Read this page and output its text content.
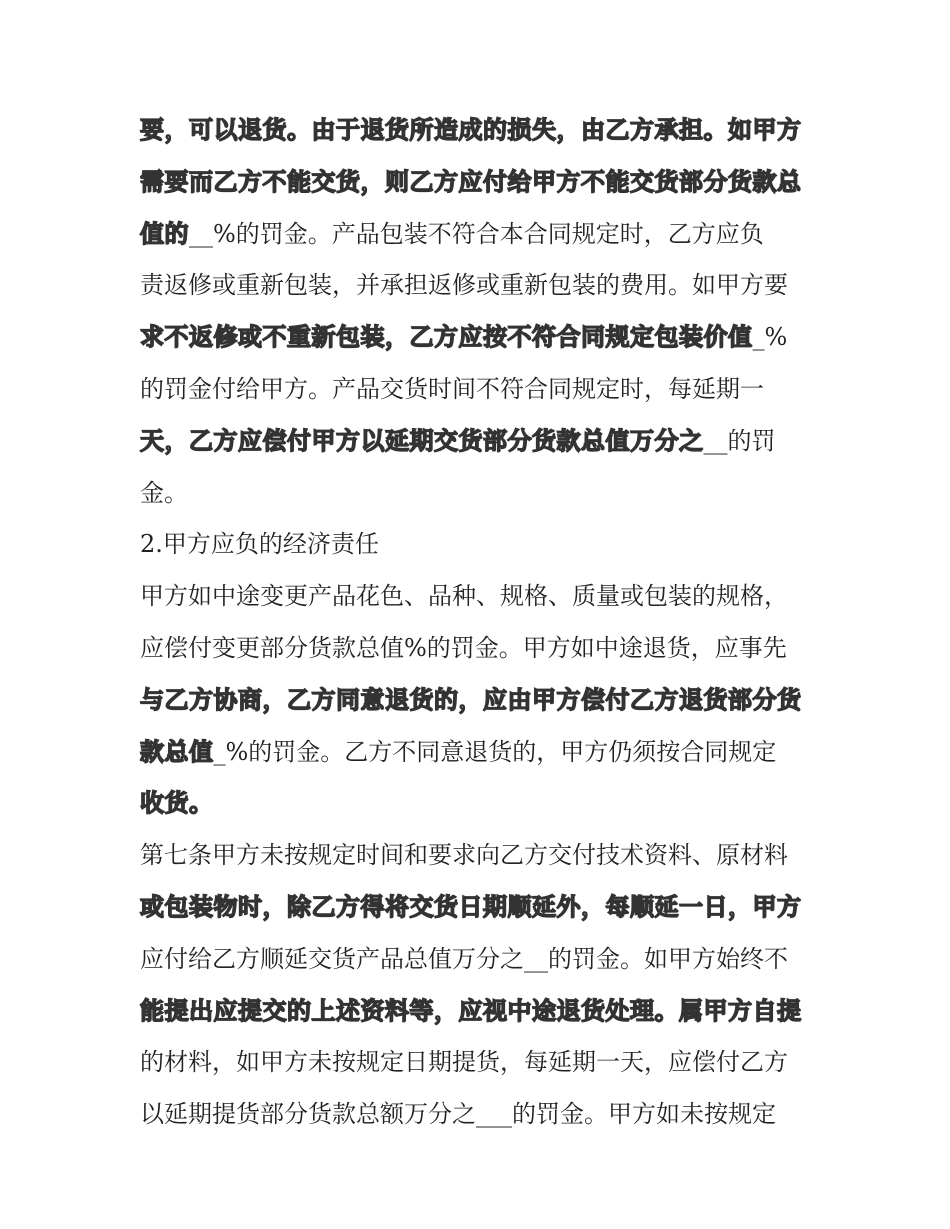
要，可以退货。由于退货所造成的损失，由乙方承担。如甲方
需要而乙方不能交货，则乙方应付给甲方不能交货部分货款总
值的__%的罚金。产品包装不符合本合同规定时，乙方应负
责返修或重新包装，并承担返修或重新包装的费用。如甲方要
求不返修或不重新包装，乙方应按不符合同规定包装价值_%
的罚金付给甲方。产品交货时间不符合同规定时，每延期一
天，乙方应偿付甲方以延期交货部分货款总值万分之__的罚
金。
2.甲方应负的经济责任
甲方如中途变更产品花色、品种、规格、质量或包装的规格，
应偿付变更部分货款总值%的罚金。甲方如中途退货，应事先
与乙方协商，乙方同意退货的，应由甲方偿付乙方退货部分货
款总值_%的罚金。乙方不同意退货的，甲方仍须按合同规定
收货。
第七条甲方未按规定时间和要求向乙方交付技术资料、原材料
或包装物时，除乙方得将交货日期顺延外，每顺延一日，甲方
应付给乙方顺延交货产品总值万分之__的罚金。如甲方始终不
能提出应提交的上述资料等，应视中途退货处理。属甲方自提
的材料，如甲方未按规定日期提货，每延期一天，应偿付乙方
以延期提货部分货款总额万分之___的罚金。甲方如未按规定
